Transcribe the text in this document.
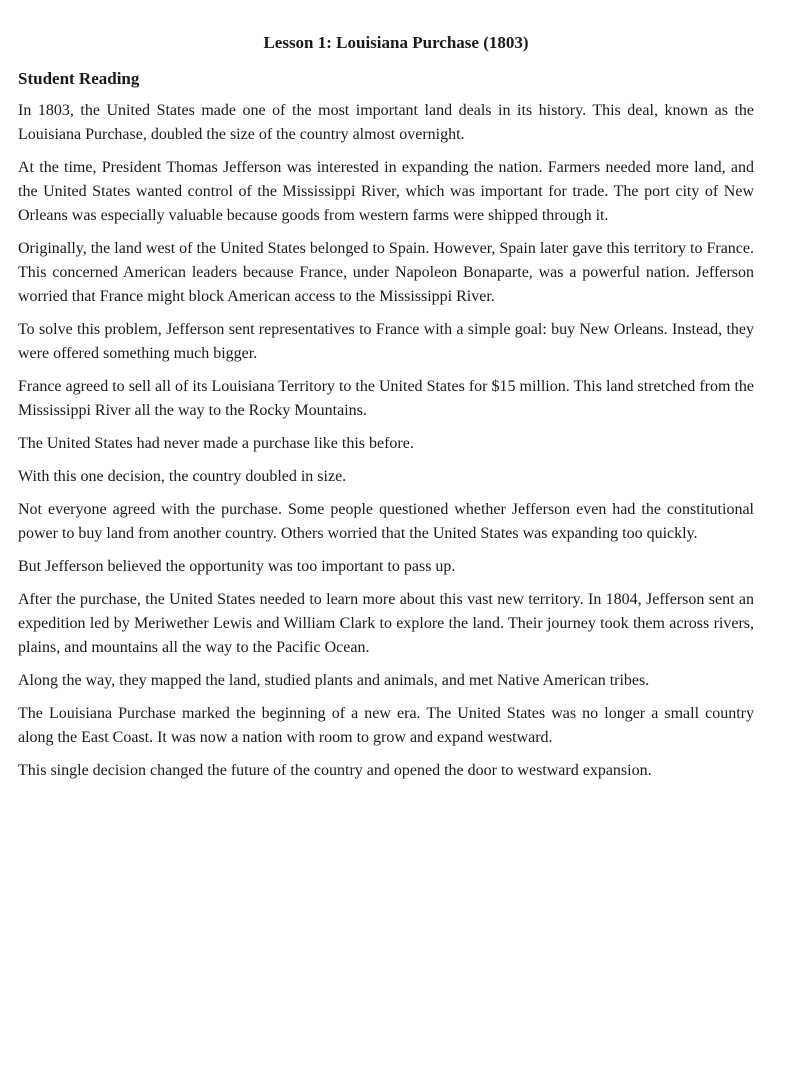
Lesson 1: Louisiana Purchase (1803)
Student Reading

In 1803, the United States made one of the most important land deals in its history. This deal, known as the Louisiana Purchase, doubled the size of the country almost overnight.

At the time, President Thomas Jefferson was interested in expanding the nation. Farmers needed more land, and the United States wanted control of the Mississippi River, which was important for trade. The port city of New Orleans was especially valuable because goods from western farms were shipped through it.

Originally, the land west of the United States belonged to Spain. However, Spain later gave this territory to France. This concerned American leaders because France, under Napoleon Bonaparte, was a powerful nation. Jefferson worried that France might block American access to the Mississippi River.

To solve this problem, Jefferson sent representatives to France with a simple goal: buy New Orleans. Instead, they were offered something much bigger.

France agreed to sell all of its Louisiana Territory to the United States for $15 million. This land stretched from the Mississippi River all the way to the Rocky Mountains.

The United States had never made a purchase like this before.

With this one decision, the country doubled in size.

Not everyone agreed with the purchase. Some people questioned whether Jefferson even had the constitutional power to buy land from another country. Others worried that the United States was expanding too quickly.

But Jefferson believed the opportunity was too important to pass up.

After the purchase, the United States needed to learn more about this vast new territory. In 1804, Jefferson sent an expedition led by Meriwether Lewis and William Clark to explore the land. Their journey took them across rivers, plains, and mountains all the way to the Pacific Ocean.

Along the way, they mapped the land, studied plants and animals, and met Native American tribes.

The Louisiana Purchase marked the beginning of a new era. The United States was no longer a small country along the East Coast. It was now a nation with room to grow and expand westward.

This single decision changed the future of the country and opened the door to westward expansion.
